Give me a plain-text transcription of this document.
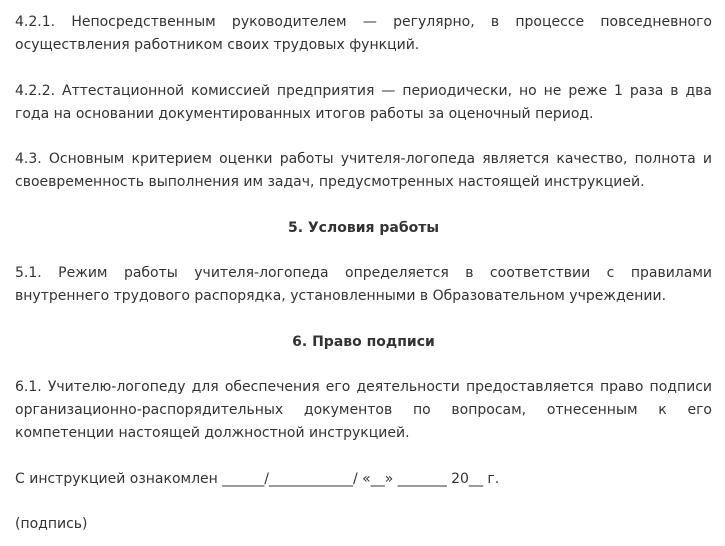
4.2.1. Непосредственным руководителем — регулярно, в процессе повседневного
осуществления работником своих трудовых функций.
4.2.2. Аттестационной комиссией предприятия — периодически, но не реже 1 раза в два
года на основании документированных итогов работы за оценочный период.
4.3. Основным критерием оценки работы учителя-логопеда является качество, полнота и
своевременность выполнения им задач, предусмотренных настоящей инструкцией.
5. Условия работы
5.1. Режим работы учителя-логопеда определяется в соответствии с правилами
внутреннего трудового распорядка, установленными в Образовательном учреждении.
6. Право подписи
6.1. Учителю-логопеду для обеспечения его деятельности предоставляется право подписи
организационно-распорядительных документов по вопросам, отнесенным к его
компетенции настоящей должностной инструкцией.
С инструкцией ознакомлен ______/____________/ «__» _______ 20__ г.
(подпись)
